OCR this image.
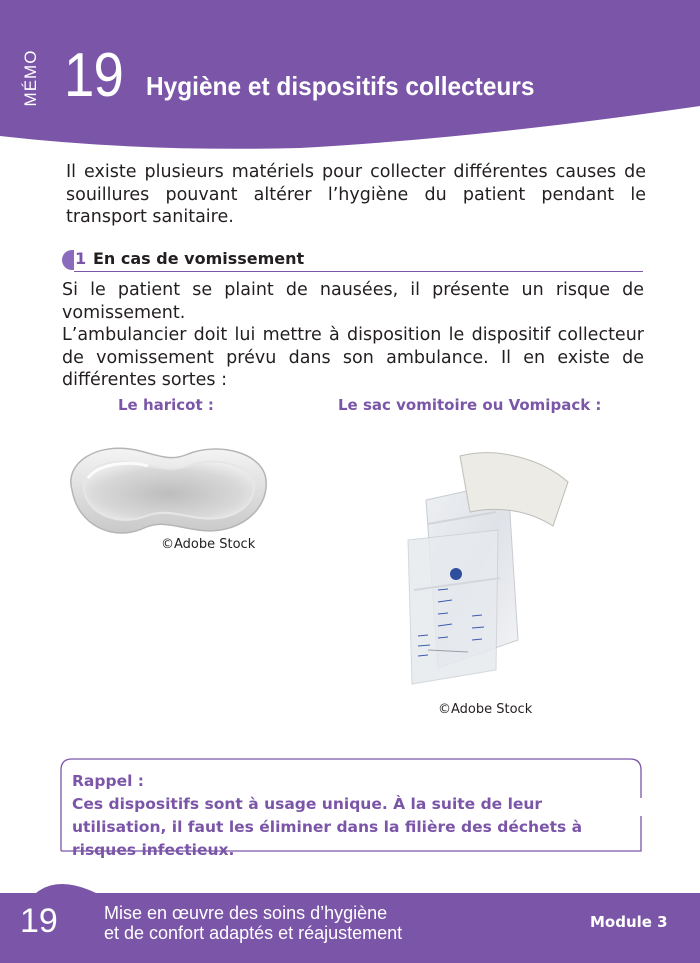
MÉMO 19 Hygiène et dispositifs collecteurs

Il existe plusieurs matériels pour collecter différentes causes de souillures pouvant altérer l’hygiène du patient pendant le transport sanitaire.

1 En cas de vomissement

Si le patient se plaint de nausées, il présente un risque de vomissement.

L’ambulancier doit lui mettre à disposition le dispositif collecteur de vomissement prévu dans son ambulance. Il en existe de différentes sortes :

Le haricot :	Le sac vomitoire ou Vomipack :
©Adobe Stock
©Adobe Stock
Rappel :
Ces dispositifs sont à usage unique. À la suite de leur utilisation, il faut les éliminer dans la filière des déchets à risques infectieux.
19	Mise en œuvre des soins d’hygiène
et de confort adaptés et réajustement
Module 3
